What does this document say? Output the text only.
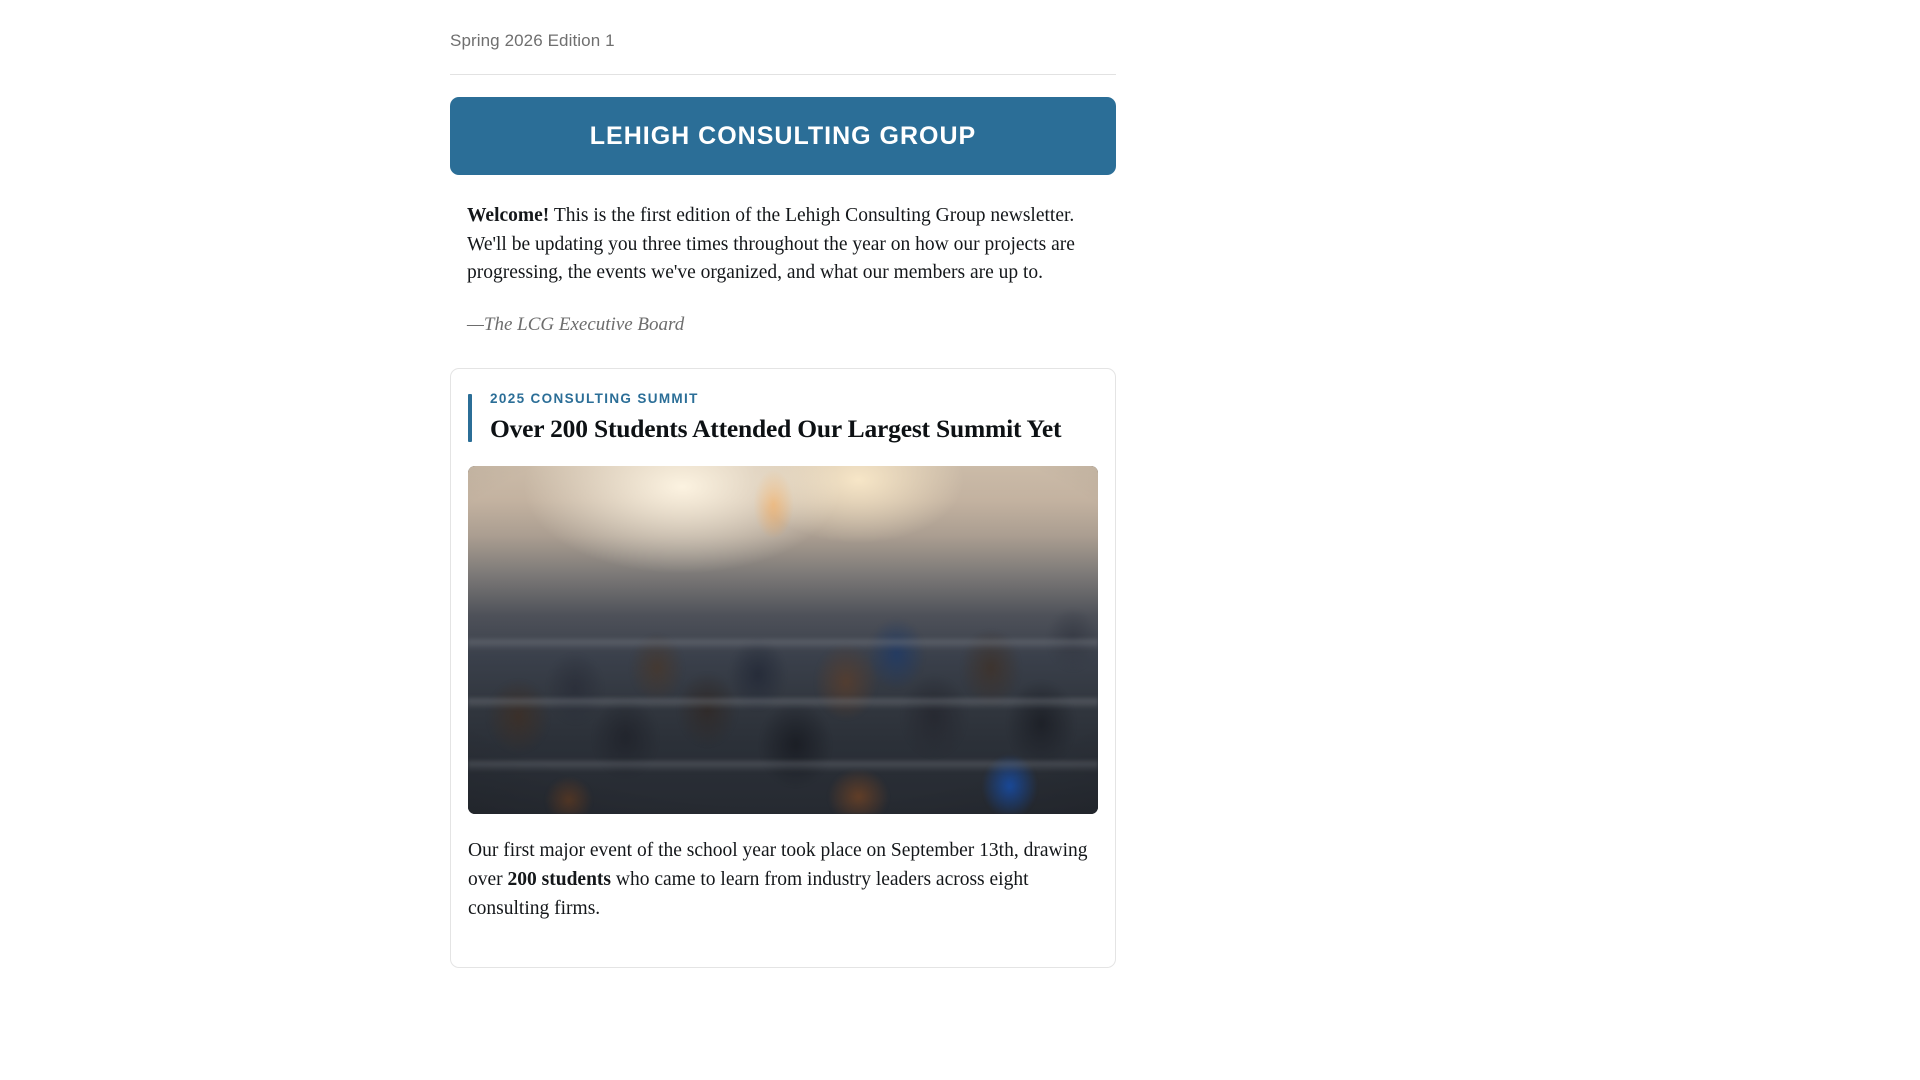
Spring 2026 Edition 1
LEHIGH CONSULTING GROUP

Welcome! This is the first edition of the Lehigh Consulting Group newsletter. We'll be updating you three times throughout the year on how our projects are progressing, the events we've organized, and what our members are up to.

—The LCG Executive Board
2025 CONSULTING SUMMIT
Over 200 Students Attended Our Largest Summit Yet

Our first major event of the school year took place on September 13th, drawing over 200 students who came to learn from industry leaders across eight consulting firms.
